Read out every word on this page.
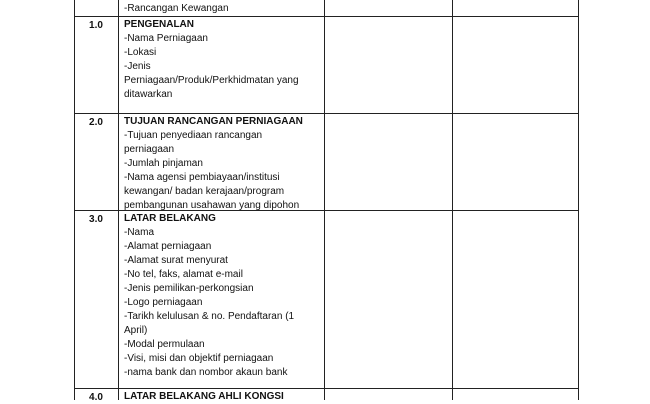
-Rancangan Kewangan
1.0	PENGENALAN
-Nama Perniagaan
-Lokasi
-Jenis
Perniagaan/Produk/Perkhidmatan yang
ditawarkan
2.0	TUJUAN RANCANGAN PERNIAGAAN
-Tujuan penyediaan rancangan
perniagaan
-Jumlah pinjaman
-Nama agensi pembiayaan/institusi
kewangan/ badan kerajaan/program
pembangunan usahawan yang dipohon
3.0	LATAR BELAKANG
-Nama
-Alamat perniagaan
-Alamat surat menyurat
-No tel, faks, alamat e-mail
-Jenis pemilikan-perkongsian
-Logo perniagaan
-Tarikh kelulusan & no. Pendaftaran (1
April)
-Modal permulaan
-Visi, misi dan objektif perniagaan
-nama bank dan nombor akaun bank
4.0	LATAR BELAKANG AHLI KONGSI
